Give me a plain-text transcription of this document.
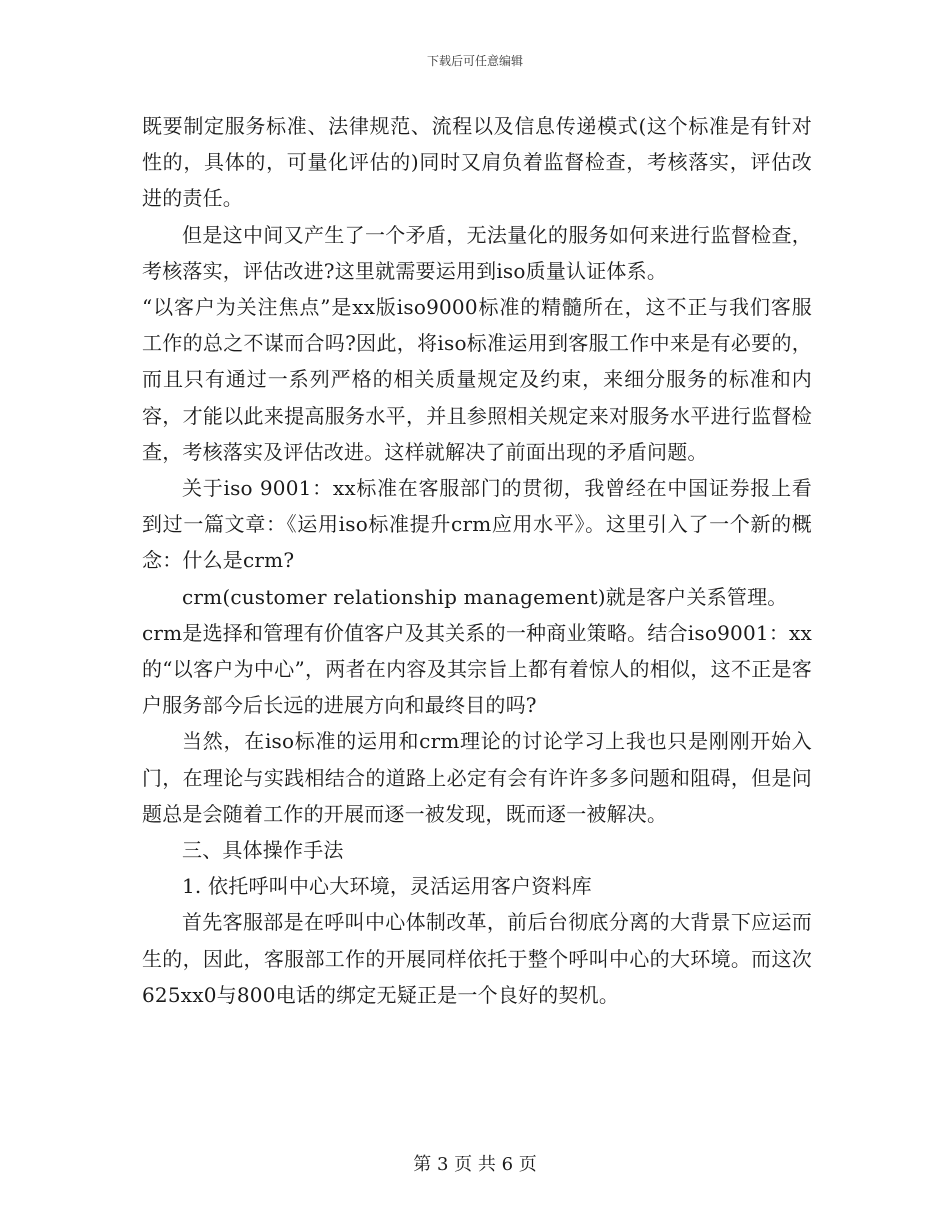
下载后可任意编辑

既要制定服务标准、法律规范、流程以及信息传递模式(这个标准是有针对性的，具体的，可量化评估的)同时又肩负着监督检查，考核落实，评估改进的责任。

但是这中间又产生了一个矛盾，无法量化的服务如何来进行监督检查，考核落实，评估改进?这里就需要运用到iso质量认证体系。

“以客户为关注焦点”是xx版iso9000标准的精髓所在，这不正与我们客服工作的总之不谋而合吗?因此，将iso标准运用到客服工作中来是有必要的，而且只有通过一系列严格的相关质量规定及约束，来细分服务的标准和内容，才能以此来提高服务水平，并且参照相关规定来对服务水平进行监督检查，考核落实及评估改进。这样就解决了前面出现的矛盾问题。

关于iso 9001：xx标准在客服部门的贯彻，我曾经在中国证券报上看到过一篇文章：《运用iso标准提升crm应用水平》。这里引入了一个新的概念：什么是crm?

crm(customer relationship management)就是客户关系管理。

crm是选择和管理有价值客户及其关系的一种商业策略。结合iso9001：xx的“以客户为中心”，两者在内容及其宗旨上都有着惊人的相似，这不正是客户服务部今后长远的进展方向和最终目的吗?

当然，在iso标准的运用和crm理论的讨论学习上我也只是刚刚开始入门，在理论与实践相结合的道路上必定有会有许许多多问题和阻碍，但是问题总是会随着工作的开展而逐一被发现，既而逐一被解决。

三、具体操作手法

1. 依托呼叫中心大环境，灵活运用客户资料库

首先客服部是在呼叫中心体制改革，前后台彻底分离的大背景下应运而生的，因此，客服部工作的开展同样依托于整个呼叫中心的大环境。而这次625xx0与800电话的绑定无疑正是一个良好的契机。

第 3 页 共 6 页
